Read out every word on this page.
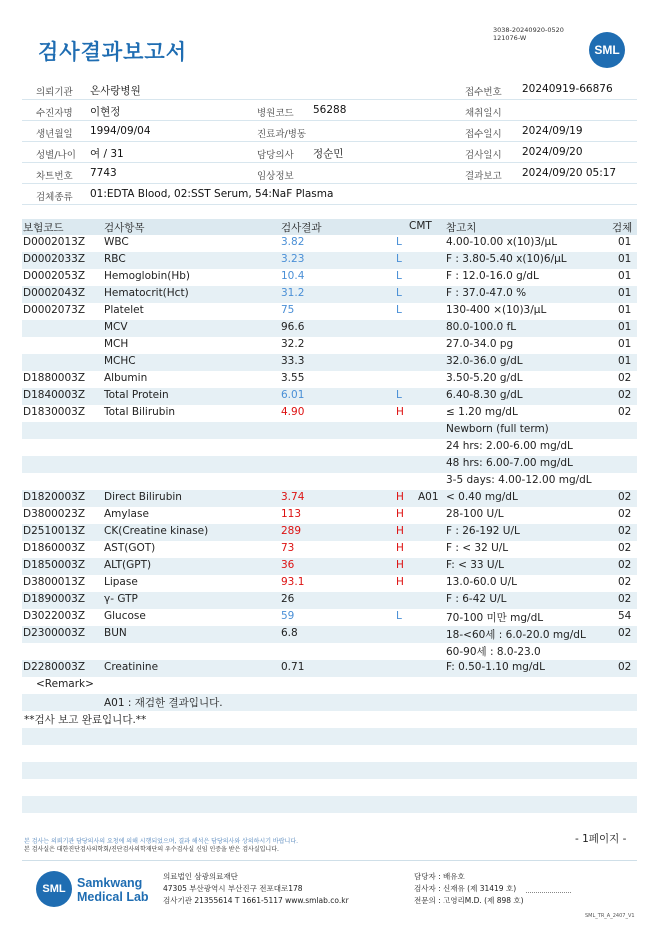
3038-20240920-0520
121076-W
검사결과보고서	SML
의뢰기관 온사랑병원	접수번호 20240919-66876
수진자명 이현정	병원코드 56288	채취일시
생년월일 1994/09/04	진료과/병동	접수일시 2024/09/19
성별/나이 여 / 31	담당의사 정순민	검사일시 2024/09/20
차트번호 7743	임상정보	결과보고 2024/09/20 05:17
검체종류 01:EDTA Blood, 02:SST Serum, 54:NaF Plasma
보험코드	검사항목	검사결과	CMT 참고치	검체
D0002013Z WBC	3.82	L	4.00-10.00 x(10)3/μL	01
D0002033Z RBC	3.23	L	F : 3.80-5.40 x(10)6/μL	01
D0002053Z Hemoglobin(Hb)	10.4	L	F : 12.0-16.0 g/dL	01
D0002043Z Hematocrit(Hct)	31.2	L	F : 37.0-47.0 %	01
D0002073Z Platelet	75	L	130-400 ×(10)3/μL	01
MCV	96.6	80.0-100.0 fL	01
MCH	32.2	27.0-34.0 pg	01
MCHC	33.3	32.0-36.0 g/dL	01
D1880003Z Albumin	3.55	3.50-5.20 g/dL	02
D1840003Z Total Protein	6.01	L	6.40-8.30 g/dL	02
D1830003Z Total Bilirubin	4.90	H	≤ 1.20 mg/dL	02
Newborn (full term)
24 hrs: 2.00-6.00 mg/dL
48 hrs: 6.00-7.00 mg/dL
3-5 days: 4.00-12.00 mg/dL
D1820003Z Direct Bilirubin	3.74	H A01 < 0.40 mg/dL	02
D3800023Z Amylase	113	H	28-100 U/L	02
D2510013Z CK(Creatine kinase)	289	H	F : 26-192 U/L	02
D1860003Z AST(GOT)	73	H	F : < 32 U/L	02
D1850003Z ALT(GPT)	36	H	F: < 33 U/L	02
D3800013Z Lipase	93.1	H	13.0-60.0 U/L	02
D1890003Z γ- GTP	26	F : 6-42 U/L	02
D3022003Z Glucose	59	L	70-100 미만 mg/dL	54
D2300003Z BUN	6.8	18-<60세 : 6.0-20.0 mg/dL	02
60-90세 : 8.0-23.0
D2280003Z Creatinine	0.71	F: 0.50-1.10 mg/dL	02
<Remark>
A01 : 재검한 결과입니다.
**검사 보고 완료입니다.**
- 1페이지 -
본 검사는 의뢰기관 담당의사의 요청에 의해 시행되었으며, 결과 해석은 담당의사와 상의하시기 바랍니다.
본 검사실은 대한진단검사의학회/진단검사의학재단의 우수검사실 신임 인증을 받은 검사실입니다.
SML Samkwang
Medical Lab
의료법인 삼광의료재단
47305 부산광역시 부산진구 전포대로178
검사기관 21355614 T 1661-5117 www.smlab.co.kr
담당자 : 배유호
검사자 : 신재유 (제 31419 호)
전문의 : 고영리M.D. (제 898 호)
SML_TR_A_2407_V1
